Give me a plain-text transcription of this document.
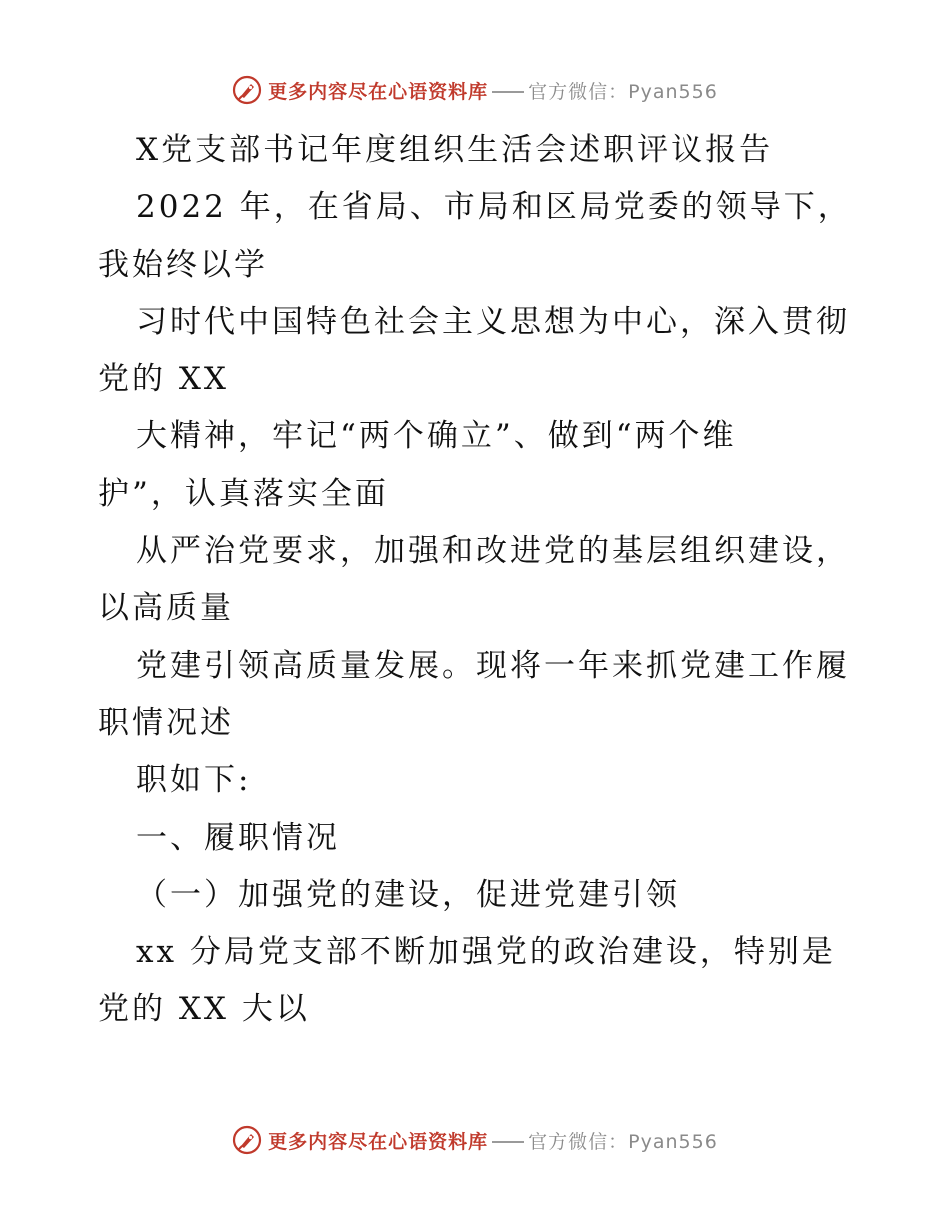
更多内容尽在心语资料库 官方微信：Pyan556
X党支部书记年度组织生活会述职评议报告
2022 年，在省局、市局和区局党委的领导下，
我始终以学
习时代中国特色社会主义思想为中心，深入贯彻
党的 XX
大精神，牢记“两个确立”、做到“两个维
护”，认真落实全面
从严治党要求，加强和改进党的基层组织建设，
以高质量
党建引领高质量发展。现将一年来抓党建工作履
职情况述
职如下:
一、履职情况
（一）加强党的建设，促进党建引领
xx 分局党支部不断加强党的政治建设，特别是
党的 XX 大以
更多内容尽在心语资料库 官方微信：Pyan556
